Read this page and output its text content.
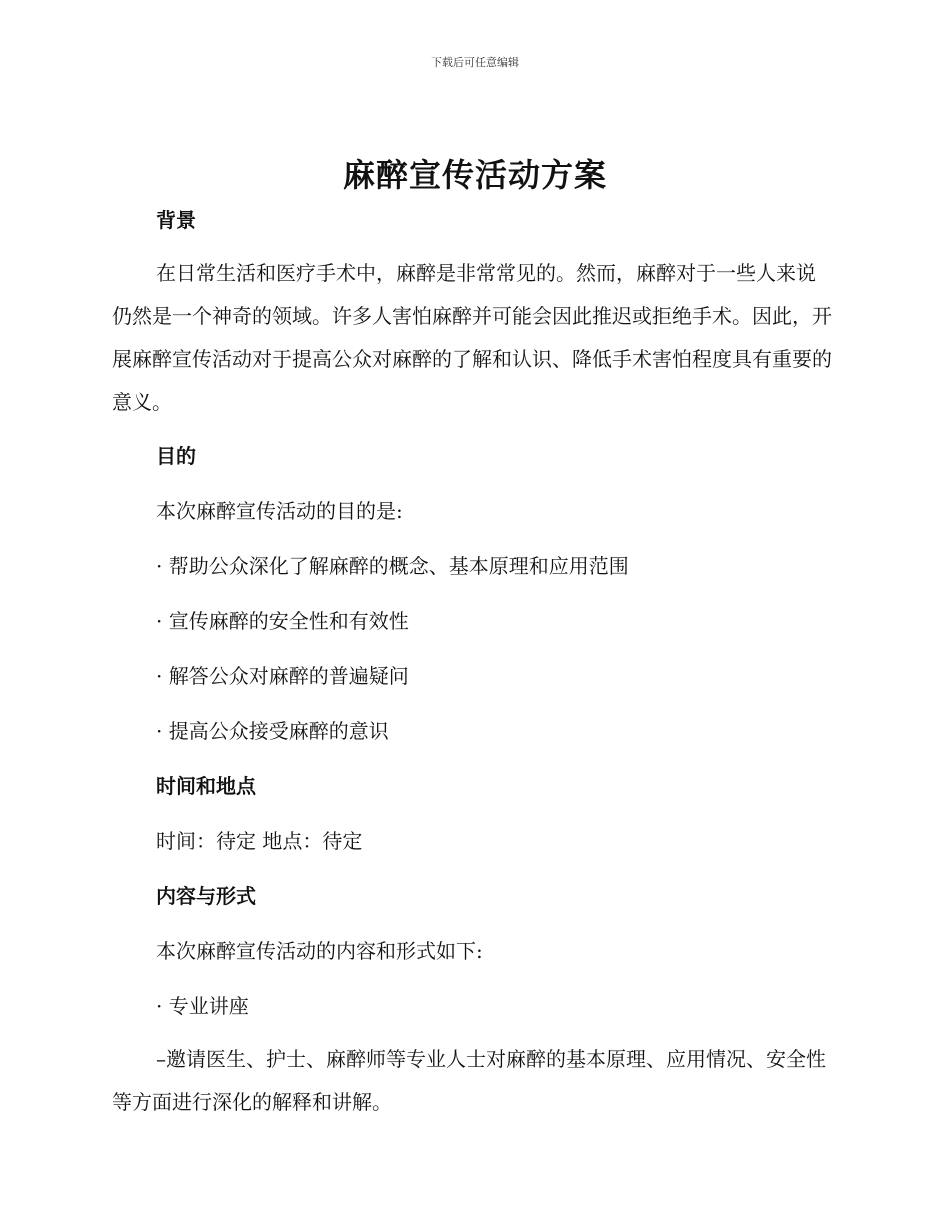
下载后可任意编辑
麻醉宣传活动方案

背景

在日常生活和医疗手术中，麻醉是非常常见的。然而，麻醉对于一些人来说仍然是一个神奇的领域。许多人害怕麻醉并可能会因此推迟或拒绝手术。因此，开展麻醉宣传活动对于提高公众对麻醉的了解和认识、降低手术害怕程度具有重要的意义。

目的

本次麻醉宣传活动的目的是:
· 帮助公众深化了解麻醉的概念、基本原理和应用范围
· 宣传麻醉的安全性和有效性
· 解答公众对麻醉的普遍疑问
· 提高公众接受麻醉的意识

时间和地点

时间：待定 地点：待定

内容与形式

本次麻醉宣传活动的内容和形式如下:
· 专业讲座

–邀请医生、护士、麻醉师等专业人士对麻醉的基本原理、应用情况、安全性等方面进行深化的解释和讲解。
